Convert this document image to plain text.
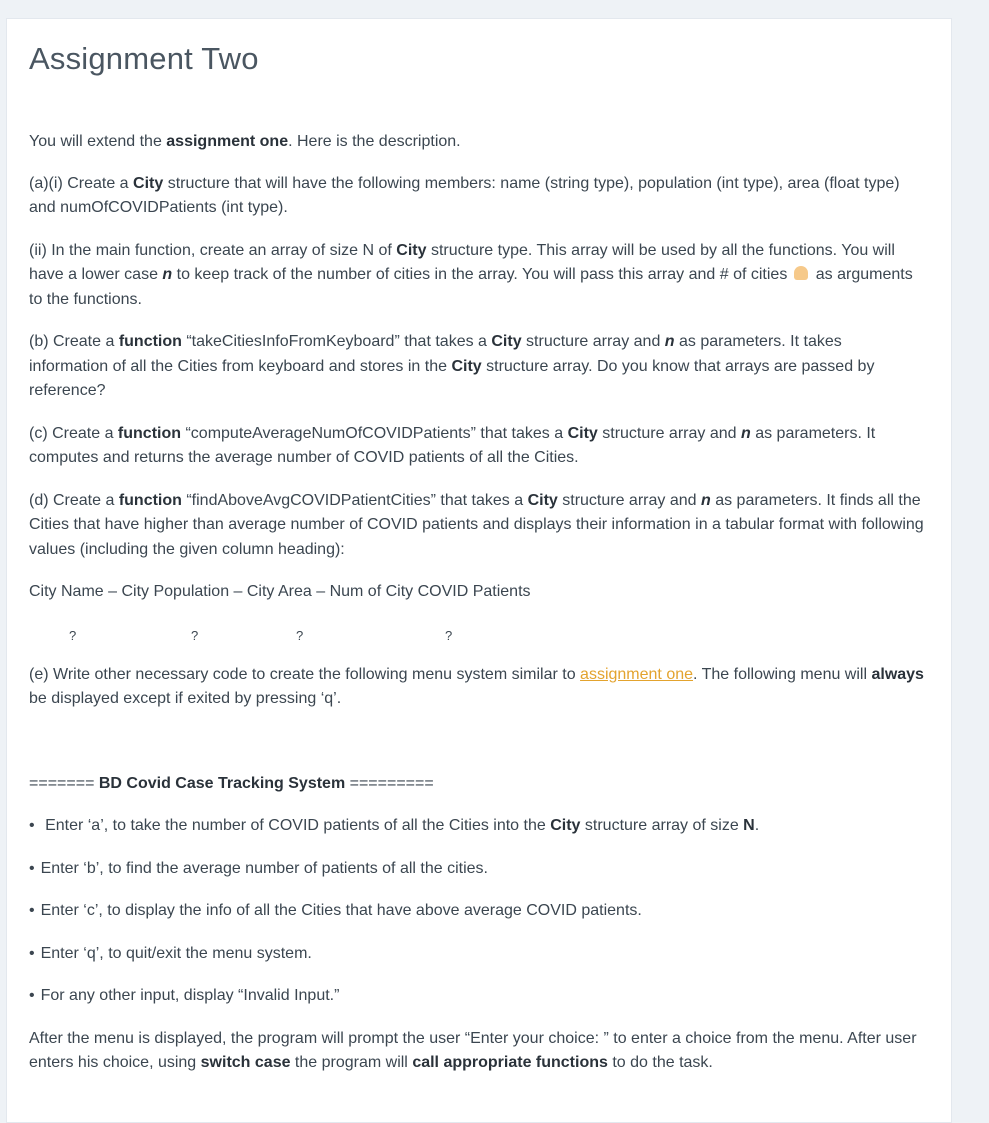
Assignment Two

You will extend the assignment one. Here is the description.

(a)(i) Create a City structure that will have the following members: name (string type), population (int type), area (float type) and numOfCOVIDPatients (int type).

(ii) In the main function, create an array of size N of City structure type. This array will be used by all the functions. You will have a lower case n to keep track of the number of cities in the array. You will pass this array and # of cities as arguments to the functions.

(b) Create a function “takeCitiesInfoFromKeyboard” that takes a City structure array and n as parameters. It takes information of all the Cities from keyboard and stores in the City structure array. Do you know that arrays are passed by reference?

(c) Create a function “computeAverageNumOfCOVIDPatients” that takes a City structure array and n as parameters. It computes and returns the average number of COVID patients of all the Cities.

(d) Create a function “findAboveAvgCOVIDPatientCities” that takes a City structure array and n as parameters. It finds all the Cities that have higher than average number of COVID patients and displays their information in a tabular format with following values (including the given column heading):

City Name – City Population – City Area – Num of City COVID Patients

?	?	?	?

(e) Write other necessary code to create the following menu system similar to assignment one. The following menu will always be displayed except if exited by pressing ‘q’.

======= BD Covid Case Tracking System =========

• Enter ‘a’, to take the number of COVID patients of all the Cities into the City structure array of size N.

• Enter ‘b’, to find the average number of patients of all the cities.

• Enter ‘c’, to display the info of all the Cities that have above average COVID patients.

• Enter ‘q’, to quit/exit the menu system.

• For any other input, display “Invalid Input.”

After the menu is displayed, the program will prompt the user “Enter your choice: ” to enter a choice from the menu. After user enters his choice, using switch case the program will call appropriate functions to do the task.
